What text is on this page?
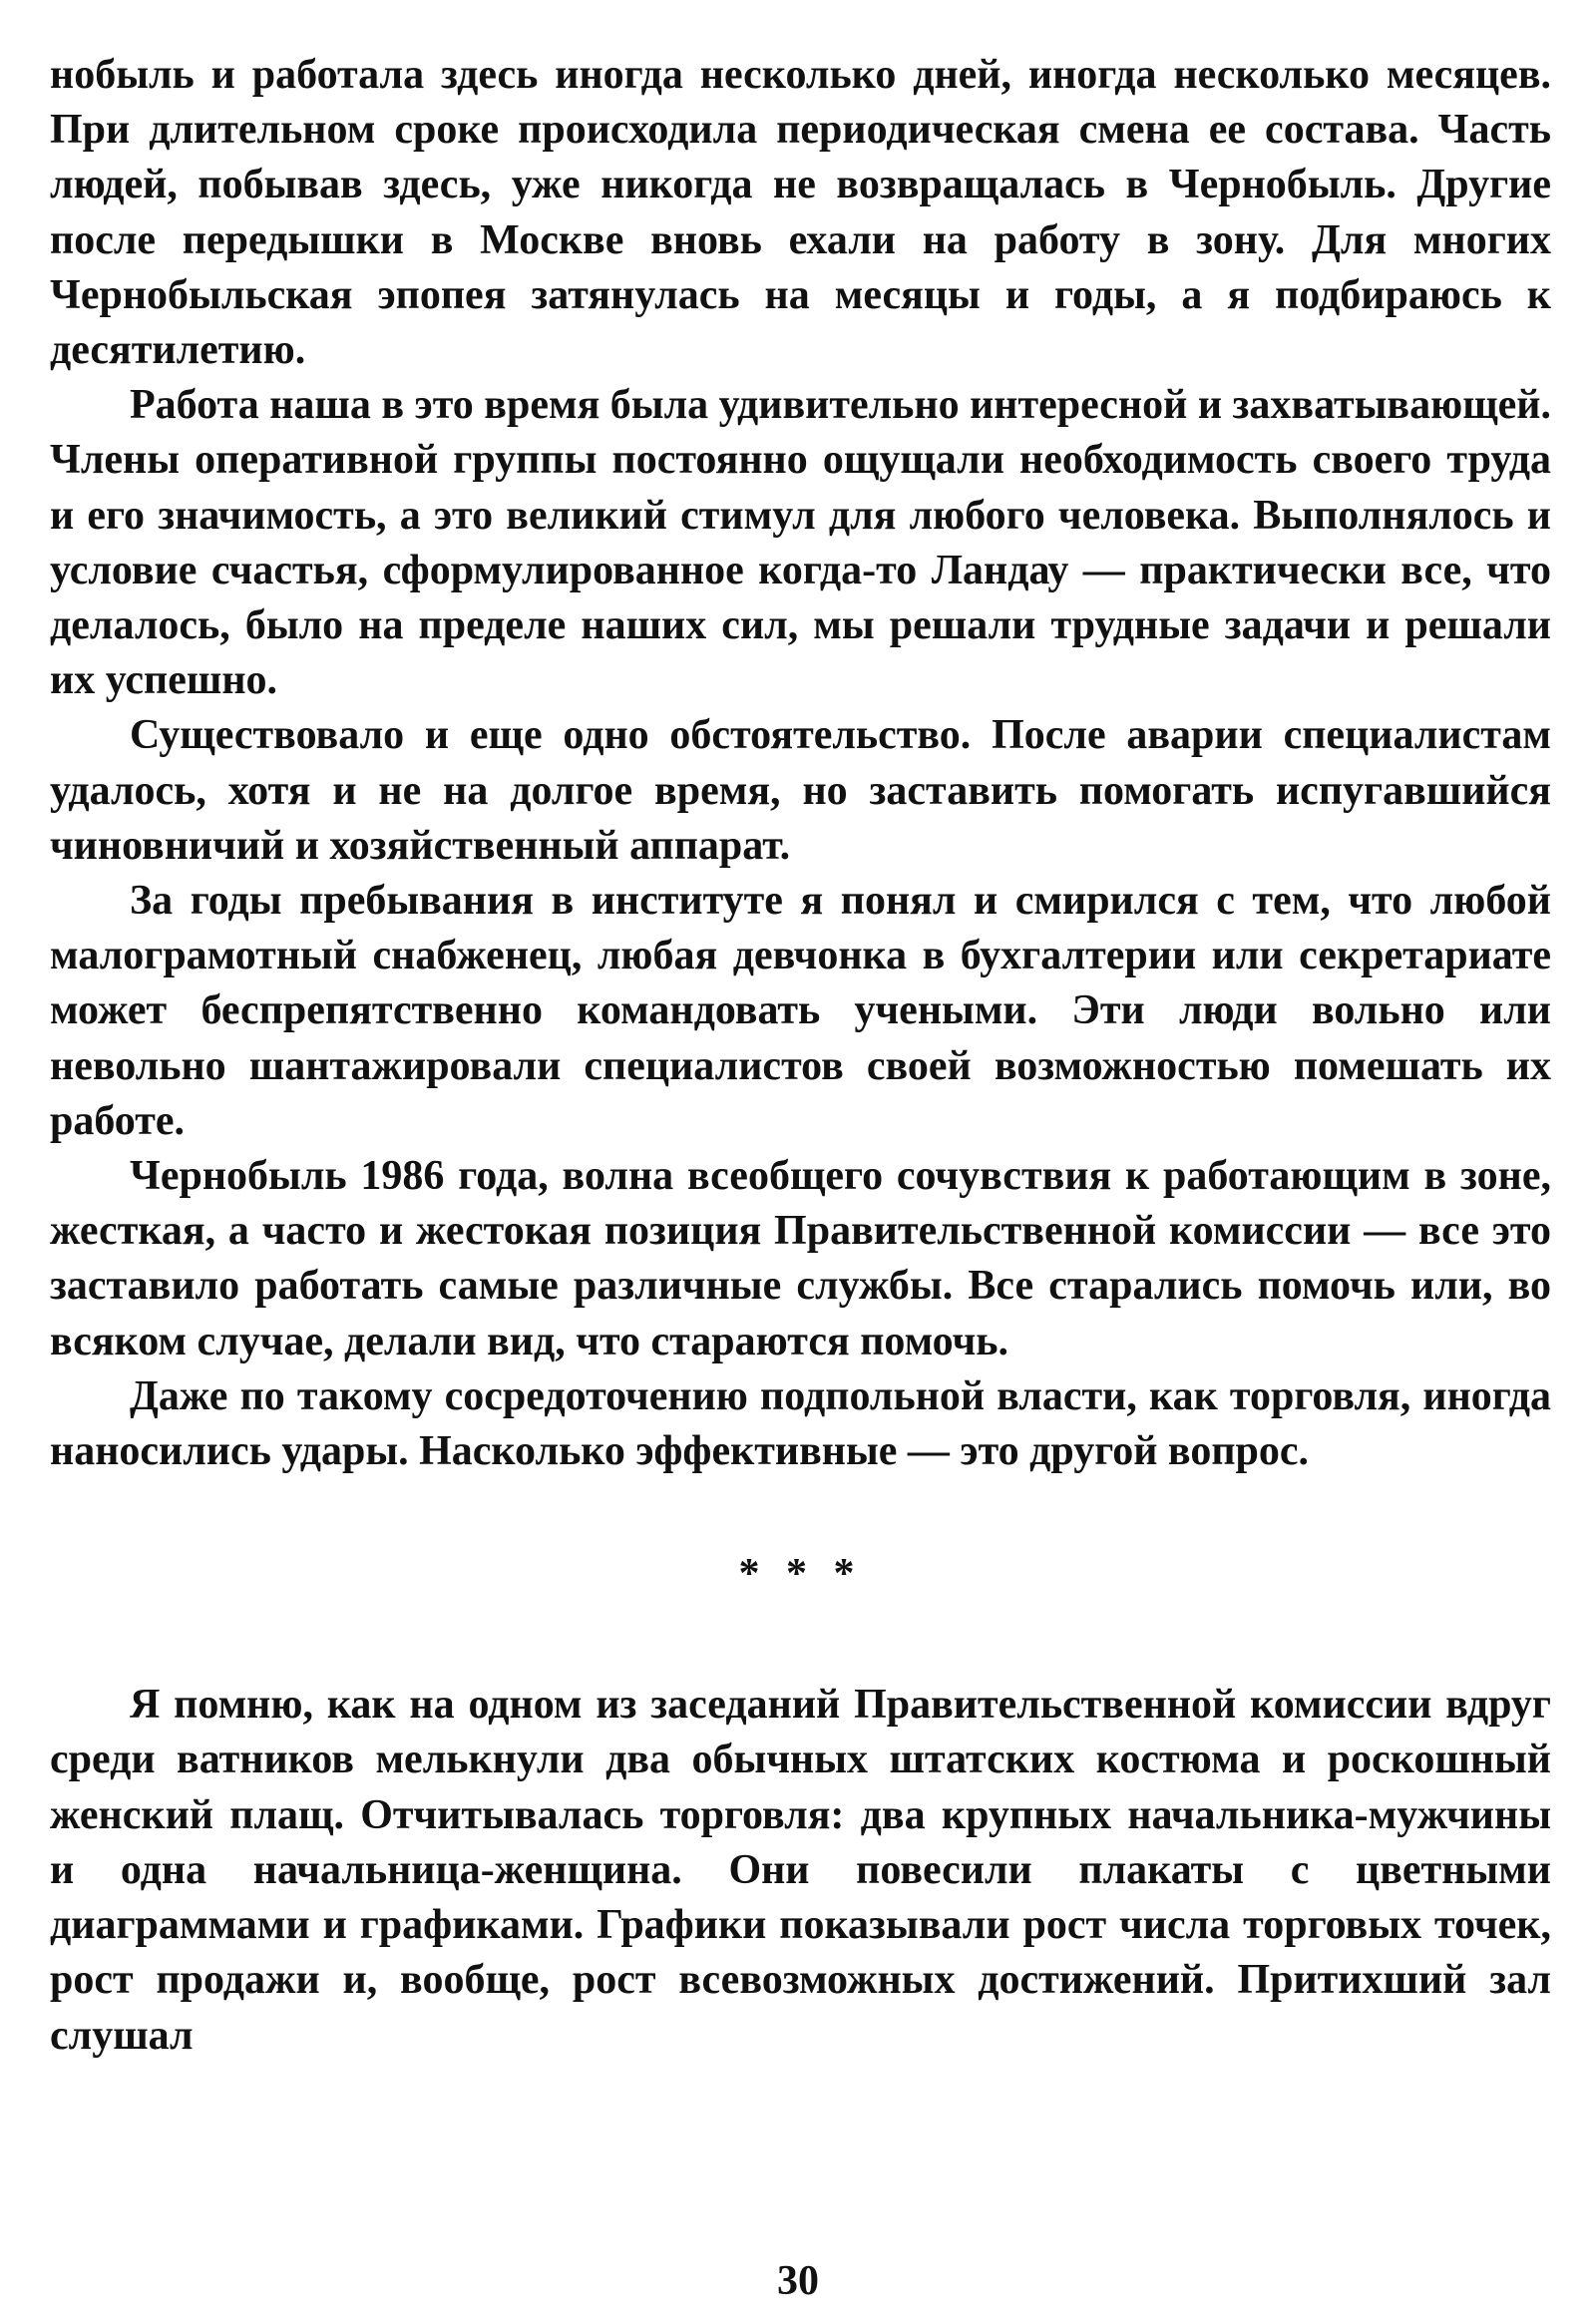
нобыль и работала здесь иногда несколько дней, иногда несколько месяцев. При длительном сроке происходила периодическая смена ее состава. Часть людей, побывав здесь, уже никогда не возвращалась в Чернобыль. Другие после передышки в Москве вновь ехали на работу в зону. Для многих Чернобыльская эпопея затянулась на месяцы и годы, а я подбираюсь к десятилетию.

Работа наша в это время была удивительно интересной и захватывающей. Члены оперативной группы постоянно ощущали необходимость своего труда и его значимость, а это великий стимул для любого человека. Выполнялось и условие счастья, сформулированное когда-то Ландау — практически все, что делалось, было на пределе наших сил, мы решали трудные задачи и решали их успешно.

Существовало и еще одно обстоятельство. После аварии специалистам удалось, хотя и не на долгое время, но заставить помогать испугавшийся чиновничий и хозяйственный аппарат.

За годы пребывания в институте я понял и смирился с тем, что любой малограмотный снабженец, любая девчонка в бухгалтерии или секретариате может беспрепятственно командовать учеными. Эти люди вольно или невольно шантажировали специалистов своей возможностью помешать их работе.

Чернобыль 1986 года, волна всеобщего сочувствия к работающим в зоне, жесткая, а часто и жестокая позиция Правительственной комиссии — все это заставило работать самые различные службы. Все старались помочь или, во всяком случае, делали вид, что стараются помочь.

Даже по такому сосредоточению подпольной власти, как торговля, иногда наносились удары. Насколько эффективные — это другой вопрос.

* * *

Я помню, как на одном из заседаний Правительственной комиссии вдруг среди ватников мелькнули два обычных штатских костюма и роскошный женский плащ. Отчитывалась торговля: два крупных начальника-мужчины и одна начальница-женщина. Они повесили плакаты с цветными диаграммами и графиками. Графики показывали рост числа торговых точек, рост продажи и, вообще, рост всевозможных достижений. Притихший зал слушал

30
